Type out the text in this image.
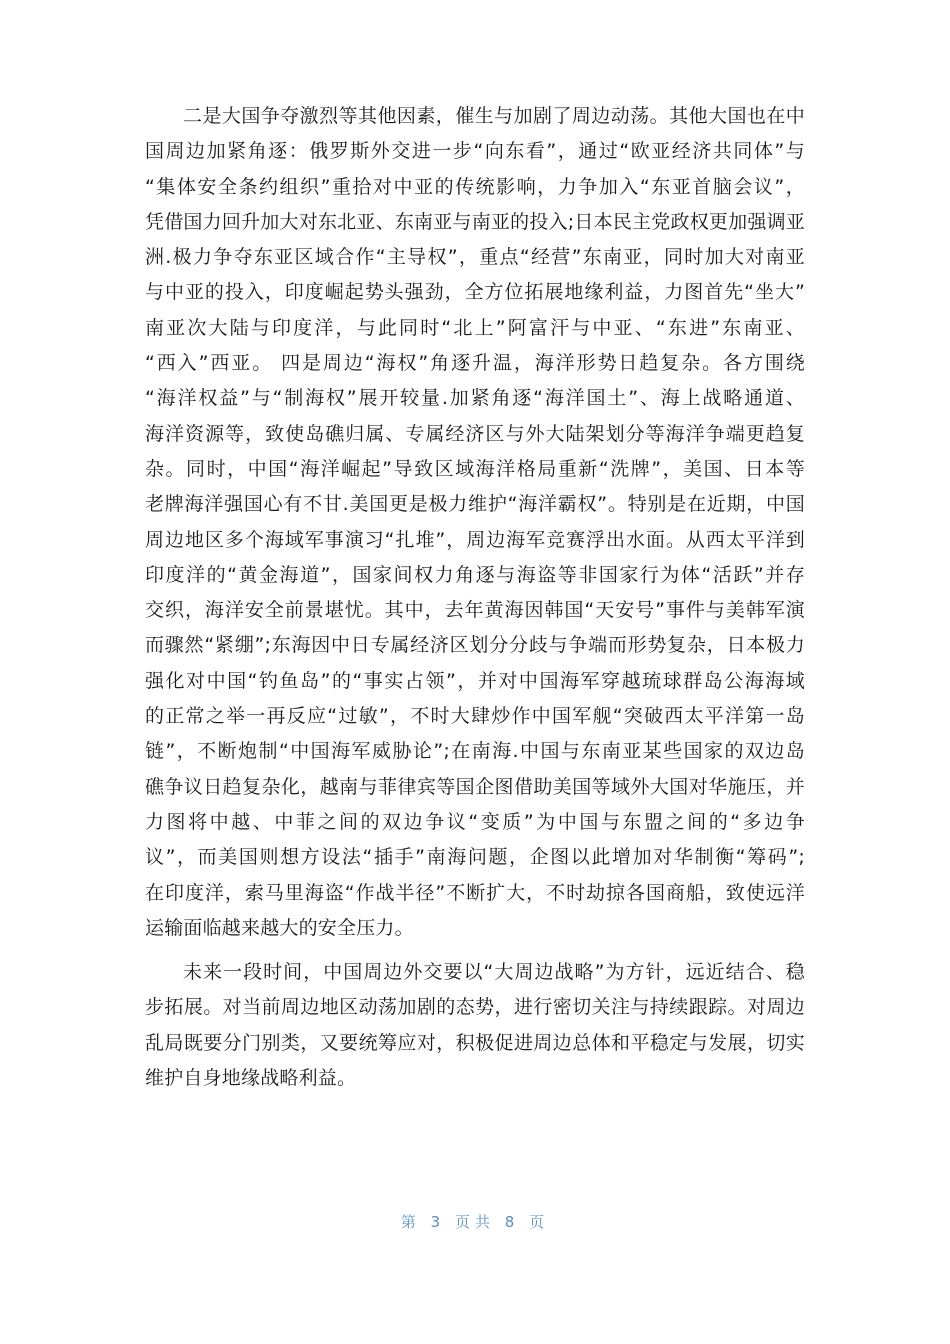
二是大国争夺激烈等其他因素，催生与加剧了周边动荡。其他大国也在中
国周边加紧角逐：俄罗斯外交进一步“向东看”，通过“欧亚经济共同体”与
“集体安全条约组织”重拾对中亚的传统影响，力争加入“东亚首脑会议”，
凭借国力回升加大对东北亚、东南亚与南亚的投入;日本民主党政权更加强调亚
洲.极力争夺东亚区域合作“主导权”，重点“经营”东南亚，同时加大对南亚
与中亚的投入，印度崛起势头强劲，全方位拓展地缘利益，力图首先“坐大”
南亚次大陆与印度洋，与此同时“北上”阿富汗与中亚、“东进”东南亚、
“西入”西亚。 四是周边“海权”角逐升温，海洋形势日趋复杂。各方围绕
“海洋权益”与“制海权”展开较量.加紧角逐“海洋国土”、海上战略通道、
海洋资源等，致使岛礁归属、专属经济区与外大陆架划分等海洋争端更趋复
杂。同时，中国“海洋崛起”导致区域海洋格局重新“洗牌”，美国、日本等
老牌海洋强国心有不甘.美国更是极力维护“海洋霸权”。特别是在近期，中国
周边地区多个海域军事演习“扎堆”，周边海军竞赛浮出水面。从西太平洋到
印度洋的“黄金海道”，国家间权力角逐与海盗等非国家行为体“活跃”并存
交织，海洋安全前景堪忧。其中，去年黄海因韩国“天安号”事件与美韩军演
而骤然“紧绷”;东海因中日专属经济区划分分歧与争端而形势复杂，日本极力
强化对中国“钓鱼岛”的“事实占领”，并对中国海军穿越琉球群岛公海海域
的正常之举一再反应“过敏”，不时大肆炒作中国军舰“突破西太平洋第一岛
链”，不断炮制“中国海军威胁论”;在南海.中国与东南亚某些国家的双边岛
礁争议日趋复杂化，越南与菲律宾等国企图借助美国等域外大国对华施压，并
力图将中越、中菲之间的双边争议“变质”为中国与东盟之间的“多边争
议”，而美国则想方设法“插手”南海问题，企图以此增加对华制衡“筹码”;
在印度洋，索马里海盗“作战半径”不断扩大，不时劫掠各国商船，致使远洋
运输面临越来越大的安全压力。
未来一段时间，中国周边外交要以“大周边战略”为方针，远近结合、稳
步拓展。对当前周边地区动荡加剧的态势，进行密切关注与持续跟踪。对周边
乱局既要分门别类，又要统筹应对，积极促进周边总体和平稳定与发展，切实
维护自身地缘战略利益。
第 3 页共 8 页
